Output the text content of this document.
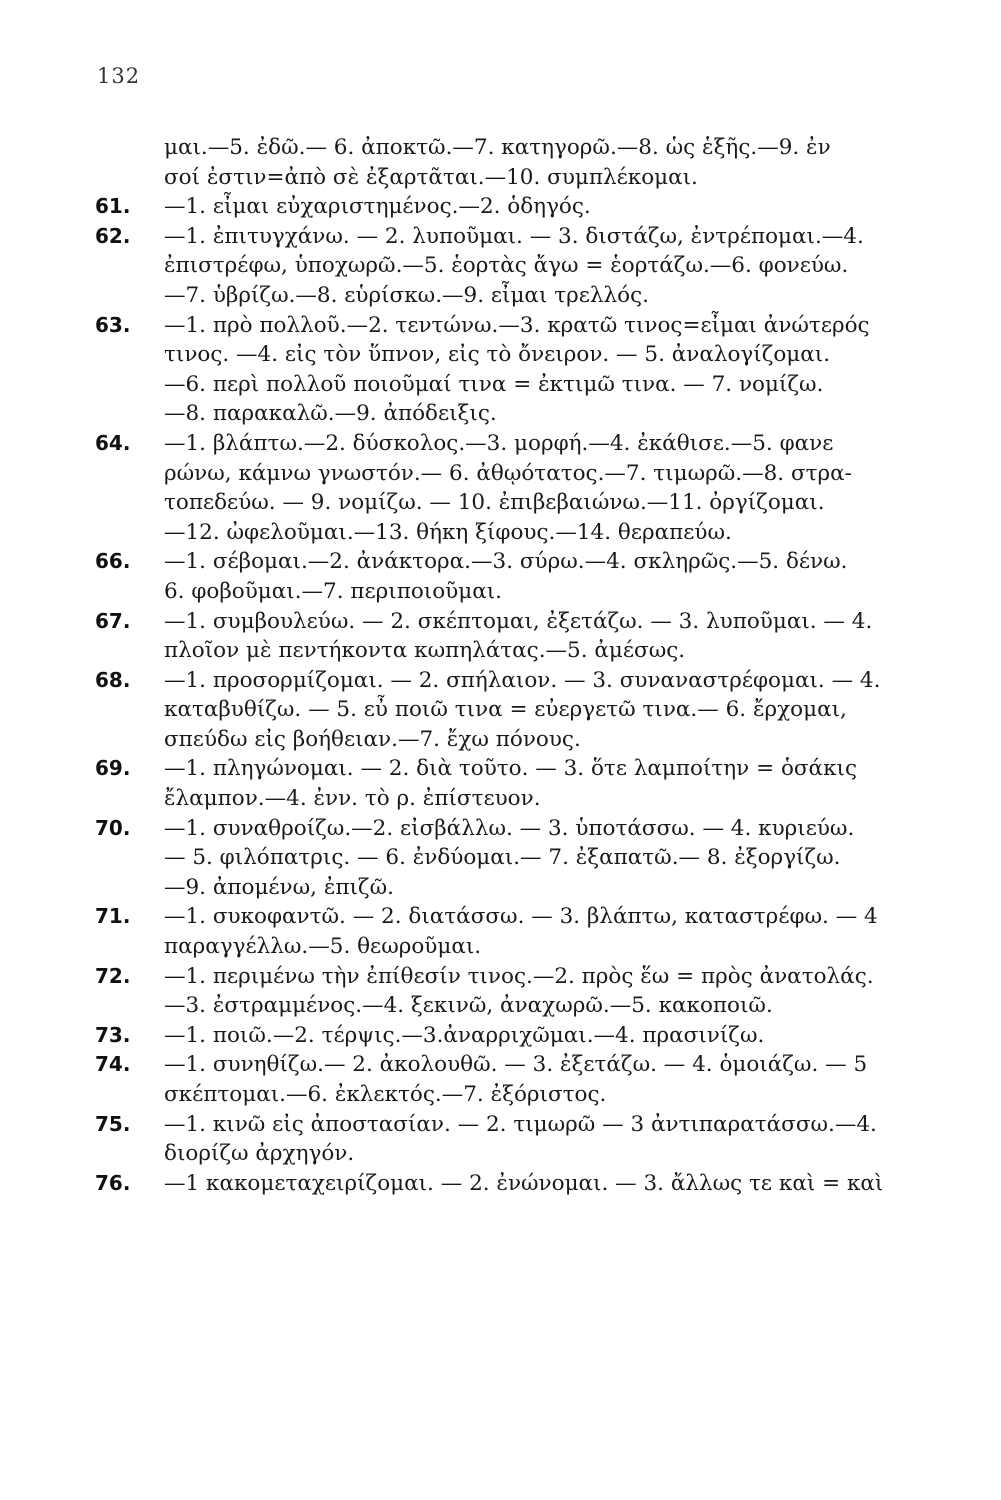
132
μαι.—5. ἐδῶ.— 6. ἀποκτῶ.—7. κατηγορῶ.—8. ὡς ἑξῆς.—9. ἐν
σοί ἐστιν=ἀπὸ σὲ ἐξαρτᾶται.—10. συμπλέκομαι.
61. —1. εἶμαι εὐχαριστημένος.—2. ὁδηγός.
62. —1. ἐπιτυγχάνω. — 2. λυποῦμαι. — 3. διστάζω, ἐντρέπομαι.—4.
ἐπιστρέφω, ὑποχωρῶ.—5. ἑορτὰς ἄγω = ἑορτάζω.—6. φονεύω.
—7. ὑβρίζω.—8. εὑρίσκω.—9. εἶμαι τρελλός.
63. —1. πρὸ πολλοῦ.—2. τεντώνω.—3. κρατῶ τινος=εἶμαι ἀνώτερός
τινος. —4. εἰς τὸν ὕπνον, εἰς τὸ ὄνειρον. — 5. ἀναλογίζομαι.
—6. περὶ πολλοῦ ποιοῦμαί τινα = ἐκτιμῶ τινα. — 7. νομίζω.
—8. παρακαλῶ.—9. ἀπόδειξις.
64. —1. βλάπτω.—2. δύσκολος.—3. μορφή.—4. ἐκάθισε.—5. φανε
ρώνω, κάμνω γνωστόν.— 6. ἀθῳότατος.—7. τιμωρῶ.—8. στρα-
τοπεδεύω. — 9. νομίζω. — 10. ἐπιβεβαιώνω.—11. ὀργίζομαι.
—12. ὠφελοῦμαι.—13. θήκη ξίφους.—14. θεραπεύω.
66. —1. σέβομαι.—2. ἀνάκτορα.—3. σύρω.—4. σκληρῶς.—5. δένω.
6. φοβοῦμαι.—7. περιποιοῦμαι.
67. —1. συμβουλεύω. — 2. σκέπτομαι, ἐξετάζω. — 3. λυποῦμαι. — 4.
πλοῖον μὲ πεντήκοντα κωπηλάτας.—5. ἀμέσως.
68. —1. προσορμίζομαι. — 2. σπήλαιον. — 3. συναναστρέφομαι. — 4.
καταβυθίζω. — 5. εὖ ποιῶ τινα = εὐεργετῶ τινα.— 6. ἔρχομαι,
σπεύδω εἰς βοήθειαν.—7. ἔχω πόνους.
69. —1. πληγώνομαι. — 2. διὰ τοῦτο. — 3. ὅτε λαμποίτην = ὁσάκις
ἔλαμπον.—4. ἐνν. τὸ ρ. ἐπίστευον.
70. —1. συναθροίζω.—2. εἰσβάλλω. — 3. ὑποτάσσω. — 4. κυριεύω.
— 5. φιλόπατρις. — 6. ἐνδύομαι.— 7. ἐξαπατῶ.— 8. ἐξοργίζω.
—9. ἀπομένω, ἐπιζῶ.
71. —1. συκοφαντῶ. — 2. διατάσσω. — 3. βλάπτω, καταστρέφω. — 4
παραγγέλλω.—5. θεωροῦμαι.
72. —1. περιμένω τὴν ἐπίθεσίν τινος.—2. πρὸς ἕω = πρὸς ἀνατολάς.
—3. ἐστραμμένος.—4. ξεκινῶ, ἀναχωρῶ.—5. κακοποιῶ.
73. —1. ποιῶ.—2. τέρψις.—3.ἀναρριχῶμαι.—4. πρασινίζω.
74. —1. συνηθίζω.— 2. ἀκολουθῶ. — 3. ἐξετάζω. — 4. ὁμοιάζω. — 5
σκέπτομαι.—6. ἐκλεκτός.—7. ἐξόριστος.
75. —1. κινῶ εἰς ἀποστασίαν. — 2. τιμωρῶ — 3 ἀντιπαρατάσσω.—4.
διορίζω ἀρχηγόν.
76. —1 κακομεταχειρίζομαι. — 2. ἐνώνομαι. — 3. ἄλλως τε καὶ = καὶ
